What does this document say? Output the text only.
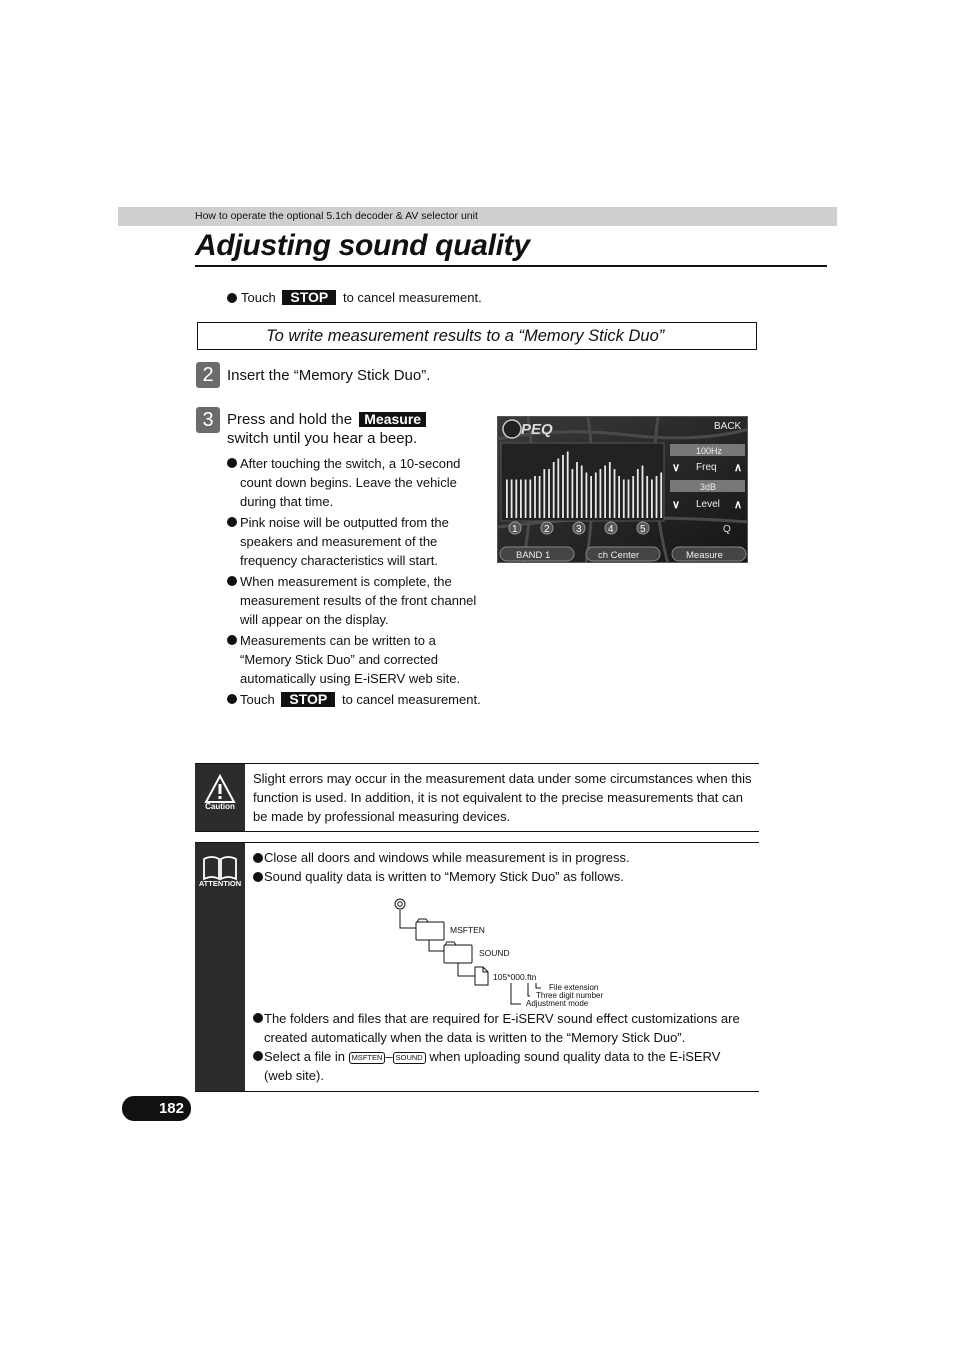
How to operate the optional 5.1ch decoder & AV selector unit
Adjusting sound quality
Touch STOP to cancel measurement.
To write measurement results to a “Memory Stick Duo”
2 Insert the “Memory Stick Duo”.
3 Press and hold the Measure
switch until you hear a beep.
After touching the switch, a 10-second count down begins. Leave the vehicle during that time.
Pink noise will be outputted from the speakers and measurement of the frequency characteristics will start.
When measurement is complete, the measurement results of the front channel will appear on the display.
Measurements can be written to a “Memory Stick Duo” and corrected automatically using E-iSERV web site.
Touch STOP to cancel measurement.
PEQ	BACK
100Hz
∨ Freq ∧
3dB
∨ Level ∧
1	2	3	4	5	Q
BAND 1	ch Center	Measure
Caution
Slight errors may occur in the measurement data under some circumstances when this function is used. In addition, it is not equivalent to the precise measurements that can be made by professional measuring devices.
ATTENTION
Close all doors and windows while measurement is in progress.
Sound quality data is written to “Memory Stick Duo” as follows.
MSFTEN
SOUND
105*000.ftn
File extension
Three digit number
Adjustment mode
The folders and files that are required for E-iSERV sound effect customizations are created automatically when the data is written to the “Memory Stick Duo”.
Select a file in MSFTEN – SOUND when uploading sound quality data to the E-iSERV (web site).
182
